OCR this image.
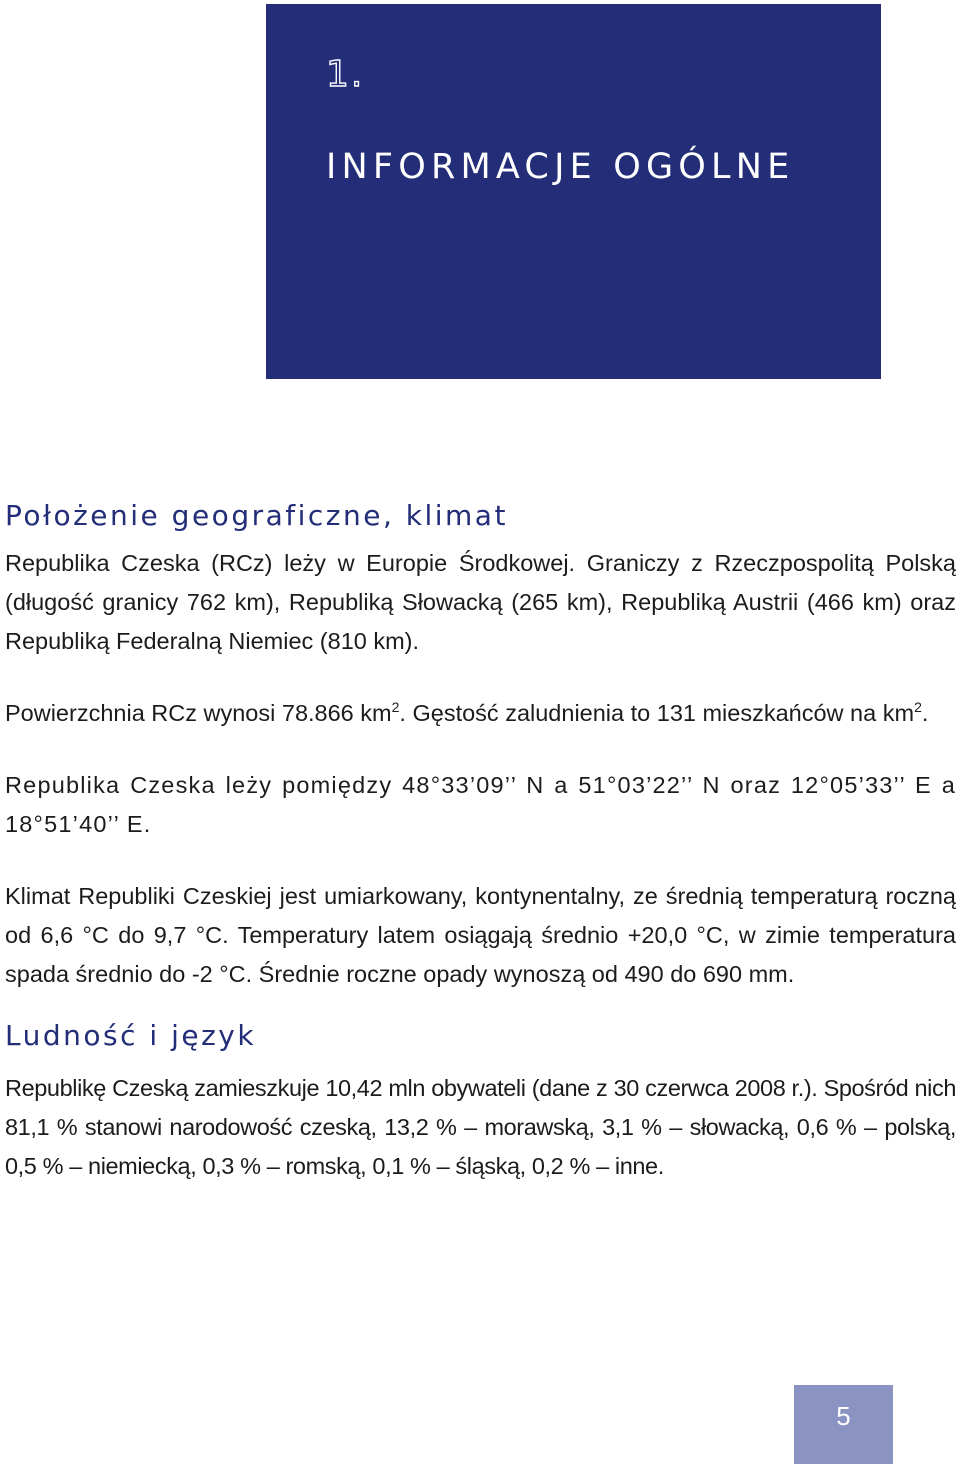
1.
INFORMACJE OGÓLNE
Położenie geograficzne, klimat

Republika Czeska (RCz) leży w Europie Środkowej. Graniczy z Rzeczpospolitą Polską (długość granicy 762 km), Republiką Słowacką (265 km), Republiką Austrii (466 km) oraz Republiką Federalną Niemiec (810 km).

Powierzchnia RCz wynosi 78.866 $km^2$. Gęstość zaludnienia to 131 mieszkańców na $km^2$.

Republika Czeska leży pomiędzy 48°33’09’’ N a 51°03’22’’ N oraz 12°05’33’’ E a 18°51’40’’ E.

Klimat Republiki Czeskiej jest umiarkowany, kontynentalny, ze średnią temperaturą roczną od 6,6 °C do 9,7 °C. Temperatury latem osiągają średnio +20,0 °C, w zimie temperatura spada średnio do -2 °C. Średnie roczne opady wynoszą od 490 do 690 mm.

Ludność i język

Republikę Czeską zamieszkuje 10,42 mln obywateli (dane z 30 czerwca 2008 r.). Spośród nich 81,1 % stanowi narodowość czeską, 13,2 % – morawską, 3,1 % – słowacką, 0,6 % – polską, 0,5 % – niemiecką, 0,3 % – romską, 0,1 % – śląską, 0,2 % – inne.

5
